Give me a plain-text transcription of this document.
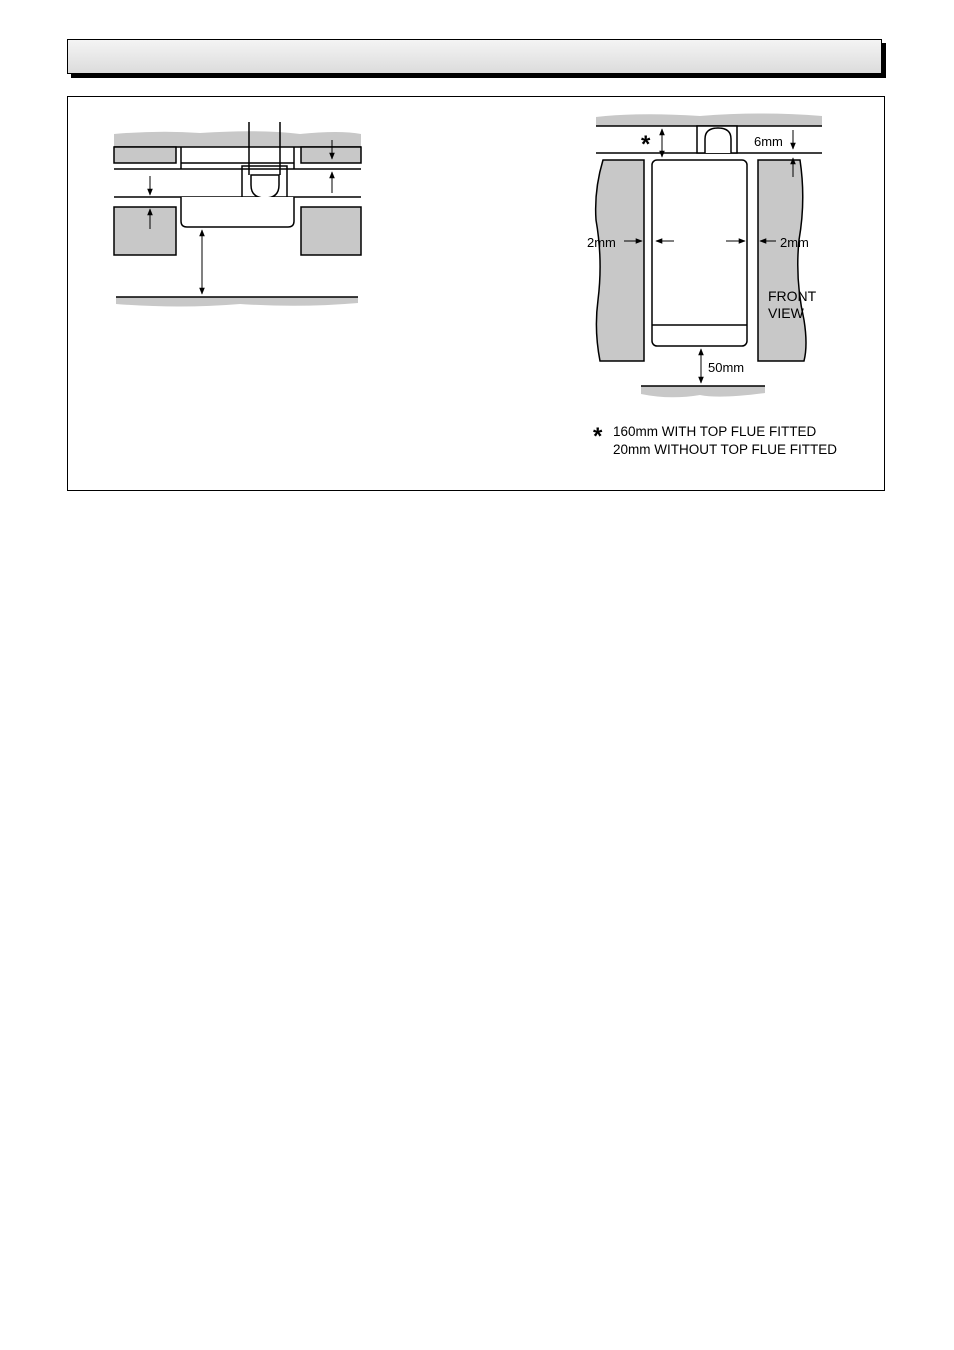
*	6mm
2mm	2mm
FRONT
VIEW
50mm
* 160mm WITH TOP FLUE FITTED
20mm WITHOUT TOP FLUE FITTED
